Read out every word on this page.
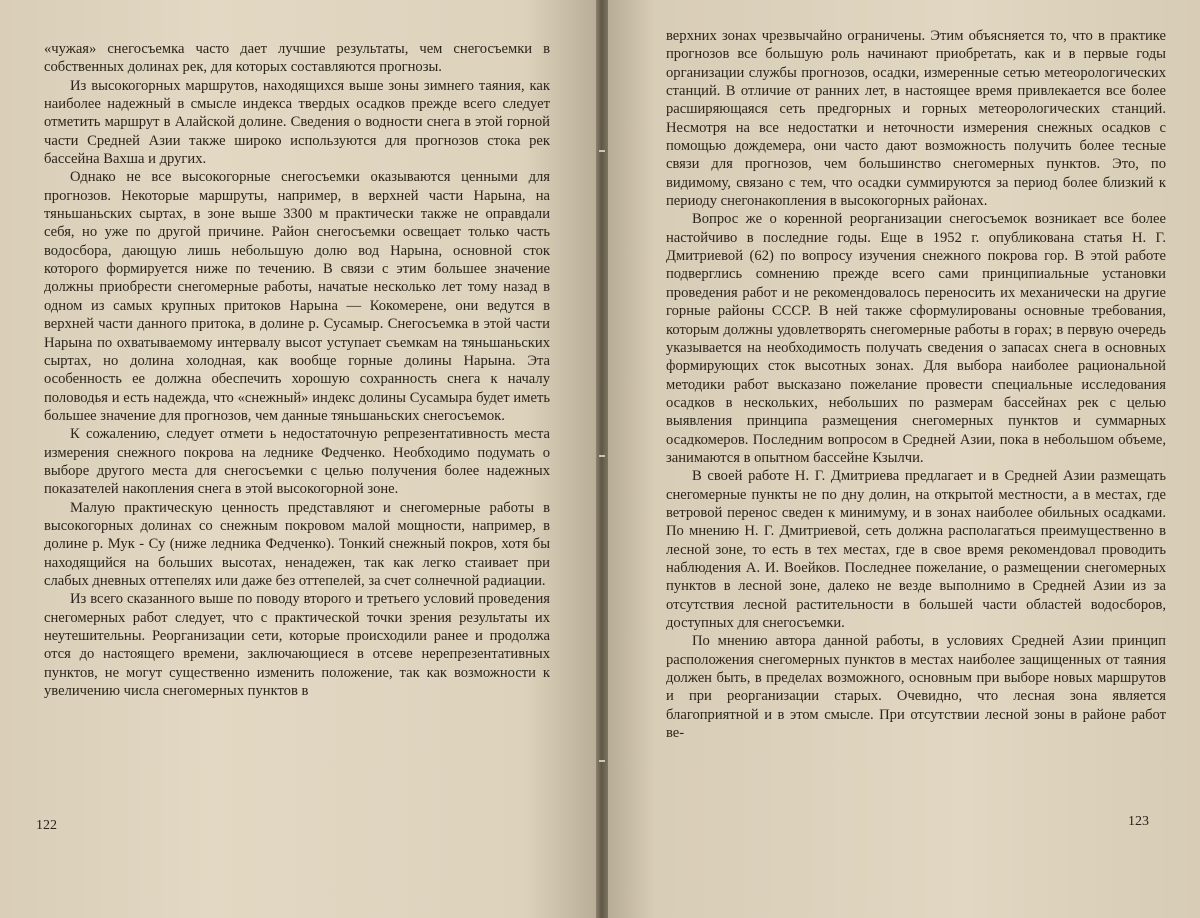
«чужая» снегосъемка часто дает лучшие результаты, чем снегосъемки в собственных долинах рек, для которых составляются прогнозы.

Из высокогорных маршрутов, находящихся выше зоны зимнего таяния, как наиболее надежный в смысле индекса твердых осадков прежде всего следует отметить маршрут в Алайской долине. Сведения о водности снега в этой горной части Средней Азии также широко используются для прогнозов стока рек бассейна Вахша и других.

Однако не все высокогорные снегосъемки оказываются ценными для прогнозов. Некоторые маршруты, например, в верхней части Нарына, на тяньшаньских сыртах, в зоне выше 3300 м практически также не оправдали себя, но уже по другой причине. Район снегосъемки освещает только часть водосбора, дающую лишь небольшую долю вод Нарына, основной сток которого формируется ниже по течению. В связи с этим большее значение должны приобрести снегомерные работы, начатые несколько лет тому назад в одном из самых крупных притоков Нарына — Кокомерене, они ведутся в верхней части данного притока, в долине р. Сусамыр. Снегосъемка в этой части Нарына по охватываемому интервалу высот уступает съемкам на тяньшаньских сыртах, но долина холодная, как вообще горные долины Нарына. Эта особенность ее должна обеспечить хорошую сохранность снега к началу половодья и есть надежда, что «снежный» индекс долины Сусамыра будет иметь большее значение для прогнозов, чем данные тяньшаньских снегосъемок.

К сожалению, следует отмети ь недостаточную репрезентативность места измерения снежного покрова на леднике Федченко. Необходимо подумать о выборе другого места для снегосъемки с целью получения более надежных показателей накопления снега в этой высокогорной зоне.

Малую практическую ценность представляют и снегомерные работы в высокогорных долинах со снежным покровом малой мощности, например, в долине р. Мук - Су (ниже ледника Федченко). Тонкий снежный покров, хотя бы находящийся на больших высотах, ненадежен, так как легко стаивает при слабых дневных оттепелях или даже без оттепелей, за счет солнечной радиации.

Из всего сказанного выше по поводу второго и третьего условий проведения снегомерных работ следует, что с практической точки зрения результаты их неутешительны. Реорганизации сети, которые происходили ранее и продолжа отся до настоящего времени, заключающиеся в отсеве нерепрезентативных пунктов, не могут существенно изменить положение, так как возможности к увеличению числа снегомерных пунктов в

122

верхних зонах чрезвычайно ограничены. Этим объясняется то, что в практике прогнозов все большую роль начинают приобретать, как и в первые годы организации службы прогнозов, осадки, измеренные сетью метеорологических станций. В отличие от ранних лет, в настоящее время привлекается все более расширяющаяся сеть предгорных и горных метеорологических станций. Несмотря на все недостатки и неточности измерения снежных осадков с помощью дождемера, они часто дают возможность получить более тесные связи для прогнозов, чем большинство снегомерных пунктов. Это, по видимому, связано с тем, что осадки суммируются за период более близкий к периоду снегонакопления в высокогорных районах.

Вопрос же о коренной реорганизации снегосъемок возникает все более настойчиво в последние годы. Еще в 1952 г. опубликована статья Н. Г. Дмитриевой (62) по вопросу изучения снежного покрова гор. В этой работе подверглись сомнению прежде всего сами принципиальные установки проведения работ и не рекомендовалось переносить их механически на другие горные районы СССР. В ней также сформулированы основные требования, которым должны удовлетворять снегомерные работы в горах; в первую очередь указывается на необходимость получать сведения о запасах снега в основных формирующих сток высотных зонах. Для выбора наиболее рациональной методики работ высказано пожелание провести специальные исследования осадков в нескольких, небольших по размерам бассейнах рек с целью выявления принципа размещения снегомерных пунктов и суммарных осадкомеров. Последним вопросом в Средней Азии, пока в небольшом объеме, занимаются в опытном бассейне Кзылчи.

В своей работе Н. Г. Дмитриева предлагает и в Средней Азии размещать снегомерные пункты не по дну долин, на открытой местности, а в местах, где ветровой перенос сведен к минимуму, и в зонах наиболее обильных осадками. По мнению Н. Г. Дмитриевой, сеть должна располагаться преимущественно в лесной зоне, то есть в тех местах, где в свое время рекомендовал проводить наблюдения А. И. Воейков. Последнее пожелание, о размещении снегомерных пунктов в лесной зоне, далеко не везде выполнимо в Средней Азии из за отсутствия лесной растительности в большей части областей водосборов, доступных для снегосъемки.

По мнению автора данной работы, в условиях Средней Азии принцип расположения снегомерных пунктов в местах наиболее защищенных от таяния должен быть, в пределах возможного, основным при выборе новых маршрутов и при реорганизации старых. Очевидно, что лесная зона является благоприятной и в этом смысле. При отсутствии лесной зоны в районе работ ве-

123
